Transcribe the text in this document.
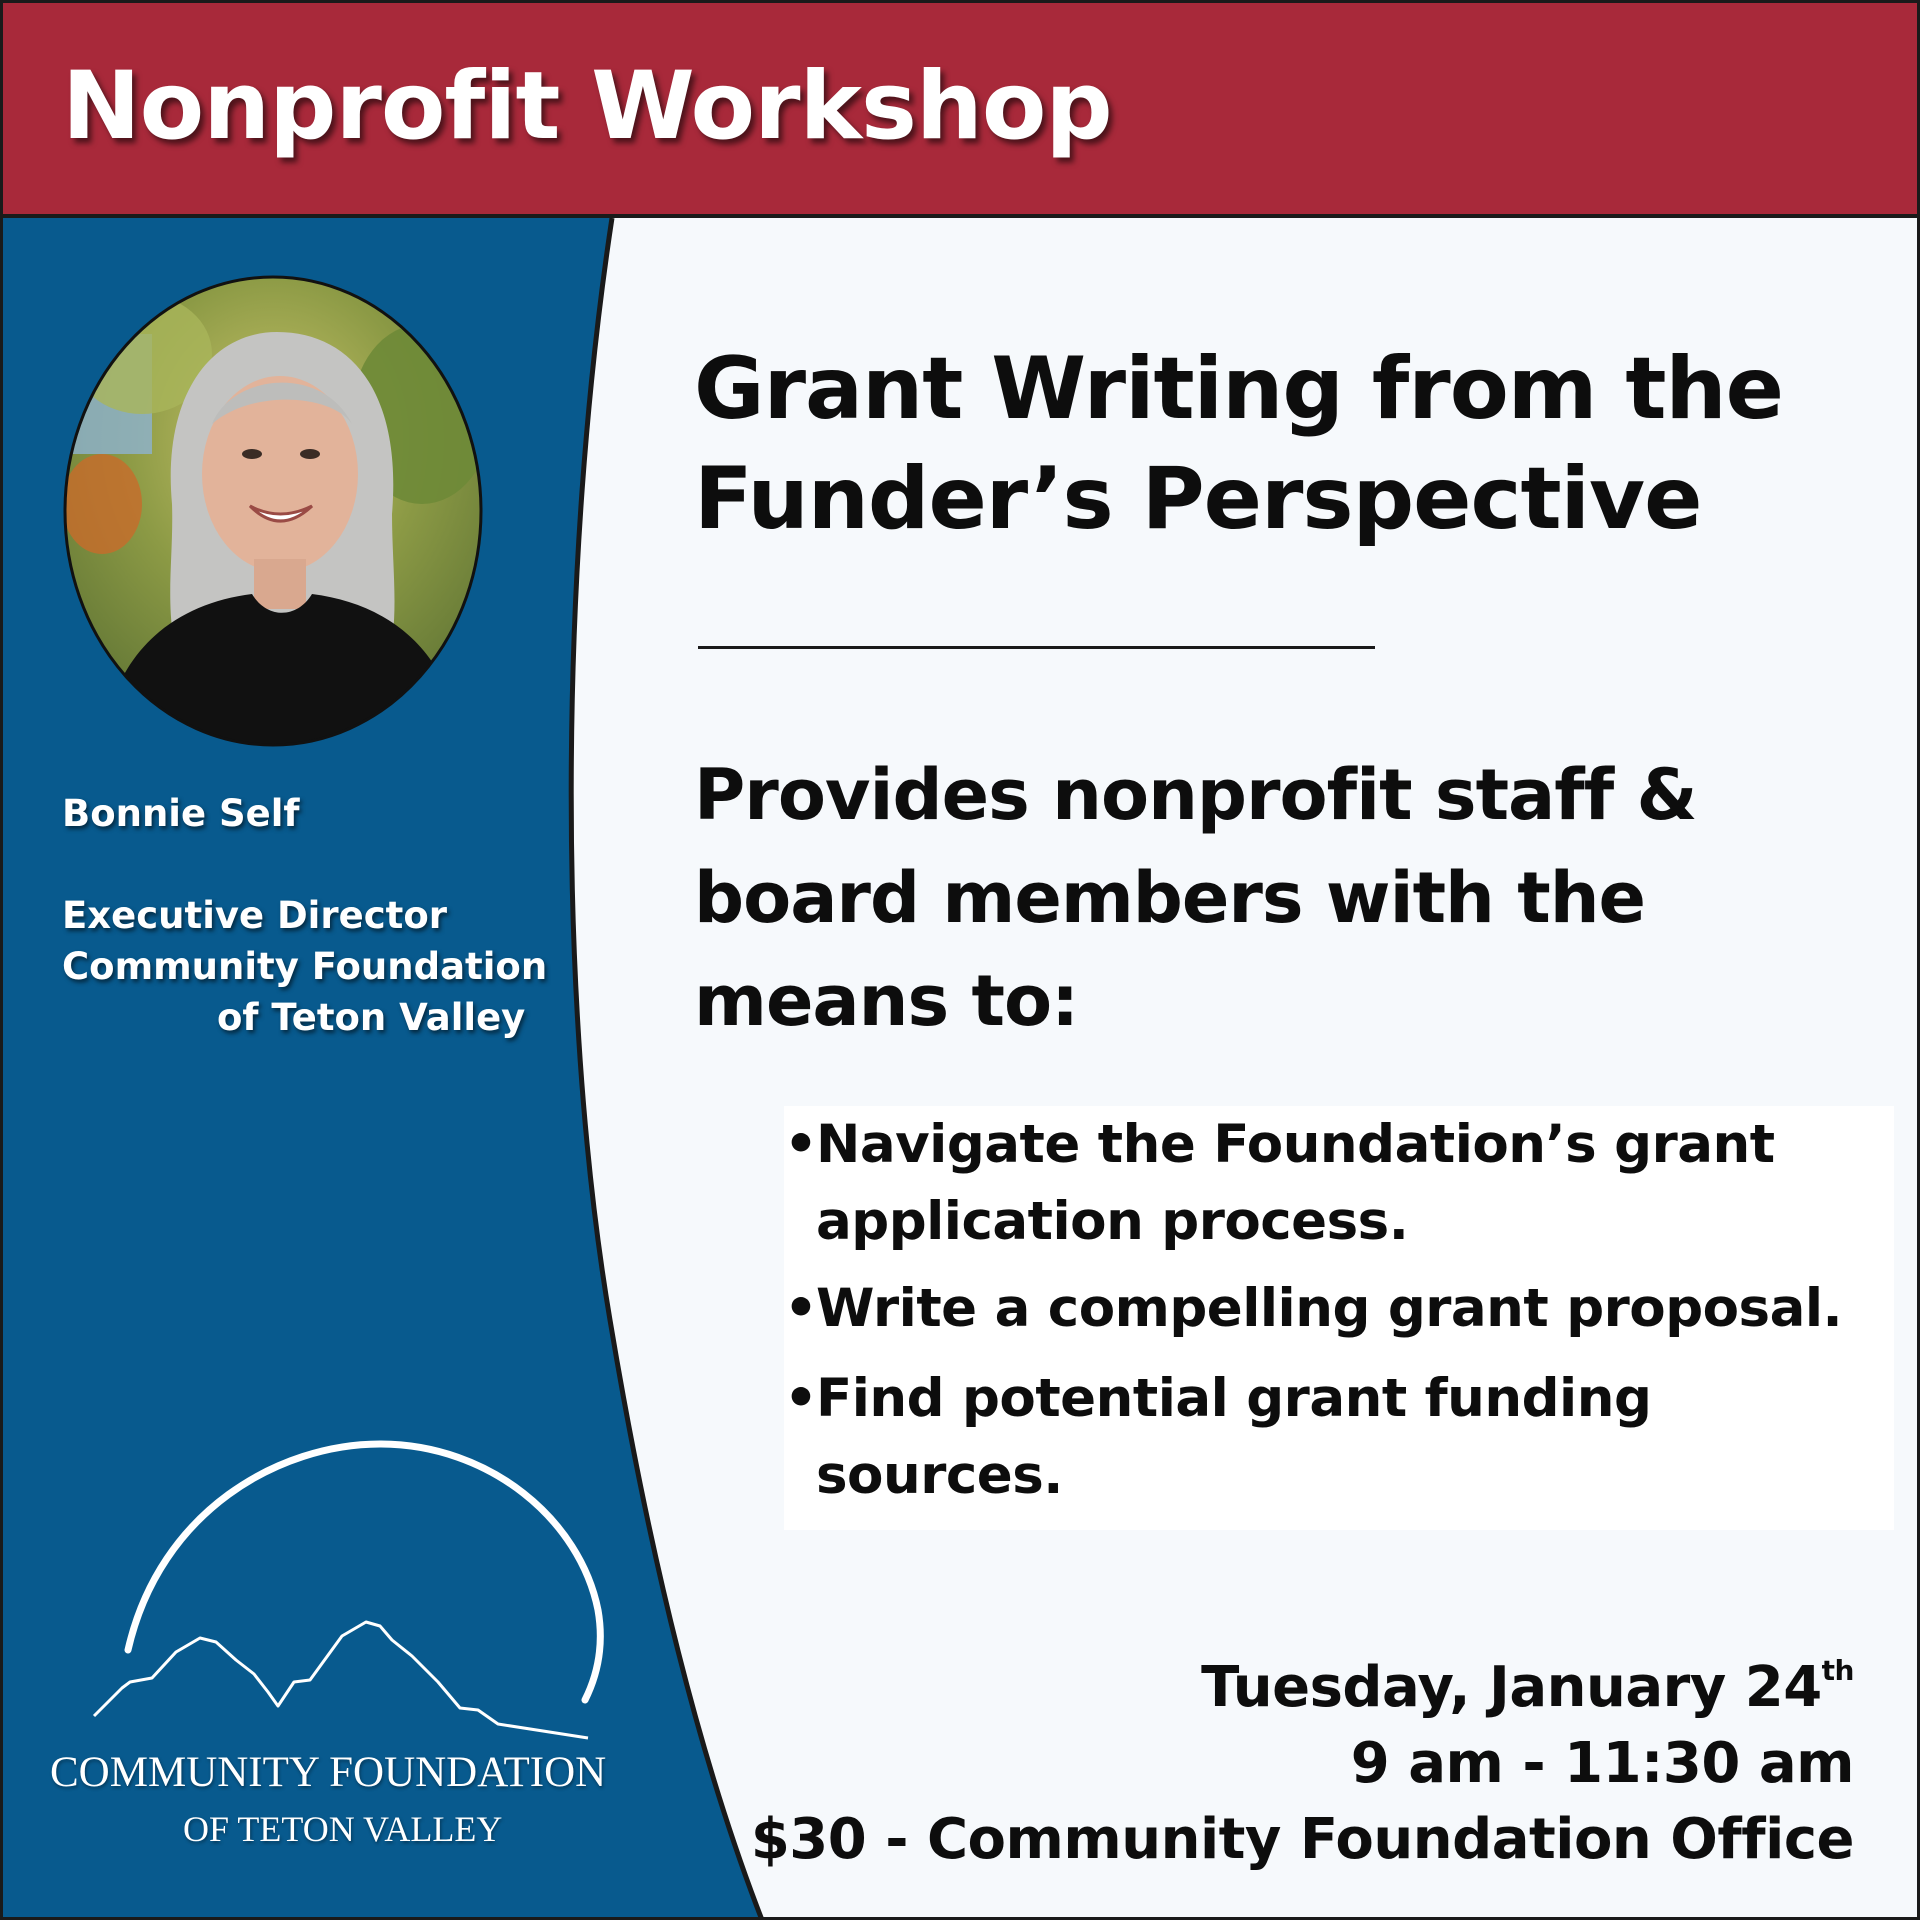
Nonprofit Workshop
Bonnie Self
Executive Director
Community Foundation
of Teton Valley
COMMUNITY FOUNDATION
OF TETON VALLEY
Grant Writing from the
Funder’s Perspective
Provides nonprofit staff &
board members with the
means to:
•
Navigate the Foundation’s grant
application process.
•
Write a compelling grant proposal.
•
Find potential grant funding
sources.
Tuesday, January 24th
9 am - 11:30 am
$30 - Community Foundation Office
